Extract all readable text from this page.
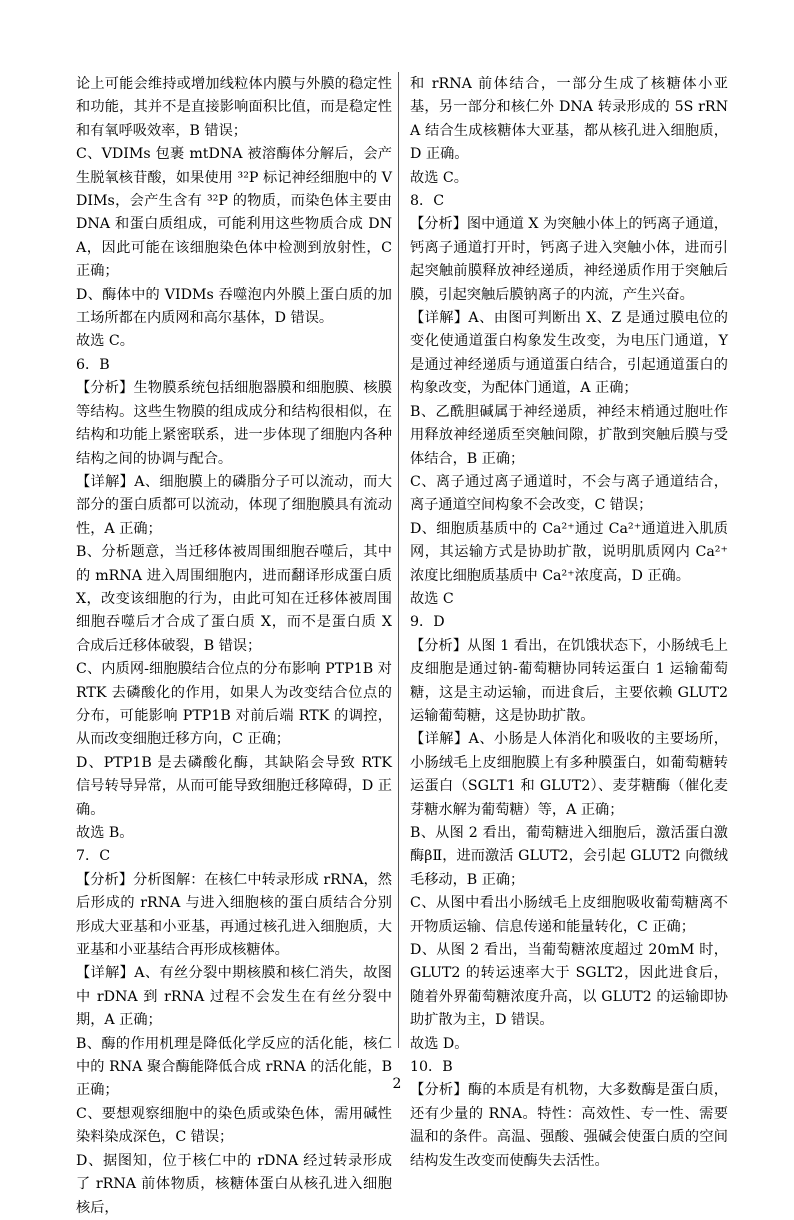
论上可能会维持或增加线粒体内膜与外膜的稳定性和功能，其并不是直接影响面积比值，而是稳定性和有氧呼吸效率，B 错误；

C、VDIMs 包裹 mtDNA 被溶酶体分解后，会产生脱氧核苷酸，如果使用 ³²P 标记神经细胞中的 VDIMs，会产生含有 ³²P 的物质，而染色体主要由 DNA 和蛋白质组成，可能利用这些物质合成 DNA，因此可能在该细胞染色体中检测到放射性，C 正确；

D、酶体中的 VIDMs 吞噬泡内外膜上蛋白质的加工场所都在内质网和高尔基体，D 错误。

故选 C。

6．B

【分析】生物膜系统包括细胞器膜和细胞膜、核膜等结构。这些生物膜的组成成分和结构很相似，在结构和功能上紧密联系，进一步体现了细胞内各种结构之间的协调与配合。

【详解】A、细胞膜上的磷脂分子可以流动，而大部分的蛋白质都可以流动，体现了细胞膜具有流动性，A 正确；

B、分析题意，当迁移体被周围细胞吞噬后，其中的 mRNA 进入周围细胞内，进而翻译形成蛋白质 X，改变该细胞的行为，由此可知在迁移体被周围细胞吞噬后才合成了蛋白质 X，而不是蛋白质 X 合成后迁移体破裂，B 错误；

C、内质网-细胞膜结合位点的分布影响 PTP1B 对 RTK 去磷酸化的作用，如果人为改变结合位点的分布，可能影响 PTP1B 对前后端 RTK 的调控，从而改变细胞迁移方向，C 正确；

D、PTP1B 是去磷酸化酶，其缺陷会导致 RTK 信号转导异常，从而可能导致细胞迁移障碍，D 正确。

故选 B。

7．C

【分析】分析图解：在核仁中转录形成 rRNA，然后形成的 rRNA 与进入细胞核的蛋白质结合分别形成大亚基和小亚基，再通过核孔进入细胞质，大亚基和小亚基结合再形成核糖体。

【详解】A、有丝分裂中期核膜和核仁消失，故图中 rDNA 到 rRNA 过程不会发生在有丝分裂中期，A 正确；

B、酶的作用机理是降低化学反应的活化能，核仁中的 RNA 聚合酶能降低合成 rRNA 的活化能，B 正确；

C、要想观察细胞中的染色质或染色体，需用碱性染料染成深色，C 错误；

D、据图知，位于核仁中的 rDNA 经过转录形成了 rRNA 前体物质，核糖体蛋白从核孔进入细胞核后，

和 rRNA 前体结合，一部分生成了核糖体小亚基，另一部分和核仁外 DNA 转录形成的 5S rRNA 结合生成核糖体大亚基，都从核孔进入细胞质，D 正确。

故选 C。

8．C

【分析】图中通道 X 为突触小体上的钙离子通道，钙离子通道打开时，钙离子进入突触小体，进而引起突触前膜释放神经递质，神经递质作用于突触后膜，引起突触后膜钠离子的内流，产生兴奋。

【详解】A、由图可判断出 X、Z 是通过膜电位的变化使通道蛋白构象发生改变，为电压门通道，Y 是通过神经递质与通道蛋白结合，引起通道蛋白的构象改变，为配体门通道，A 正确；

B、乙酰胆碱属于神经递质，神经末梢通过胞吐作用释放神经递质至突触间隙，扩散到突触后膜与受体结合，B 正确；

C、离子通过离子通道时，不会与离子通道结合，离子通道空间构象不会改变，C 错误；

D、细胞质基质中的 Ca²⁺通过 Ca²⁺通道进入肌质网，其运输方式是协助扩散，说明肌质网内 Ca²⁺浓度比细胞质基质中 Ca²⁺浓度高，D 正确。

故选 C

9．D

【分析】从图 1 看出，在饥饿状态下，小肠绒毛上皮细胞是通过钠-葡萄糖协同转运蛋白 1 运输葡萄糖，这是主动运输，而进食后，主要依赖 GLUT2 运输葡萄糖，这是协助扩散。

【详解】A、小肠是人体消化和吸收的主要场所，小肠绒毛上皮细胞膜上有多种膜蛋白，如葡萄糖转运蛋白（SGLT1 和 GLUT2）、麦芽糖酶（催化麦芽糖水解为葡萄糖）等，A 正确；

B、从图 2 看出，葡萄糖进入细胞后，激活蛋白激酶βⅡ，进而激活 GLUT2，会引起 GLUT2 向微绒毛移动，B 正确；

C、从图中看出小肠绒毛上皮细胞吸收葡萄糖离不开物质运输、信息传递和能量转化，C 正确；

D、从图 2 看出，当葡萄糖浓度超过 20mM 时，GLUT2 的转运速率大于 SGLT2，因此进食后，随着外界葡萄糖浓度升高，以 GLUT2 的运输即协助扩散为主，D 错误。

故选 D。

10．B

【分析】酶的本质是有机物，大多数酶是蛋白质，还有少量的 RNA。特性：高效性、专一性、需要温和的条件。高温、强酸、强碱会使蛋白质的空间结构发生改变而使酶失去活性。

2
